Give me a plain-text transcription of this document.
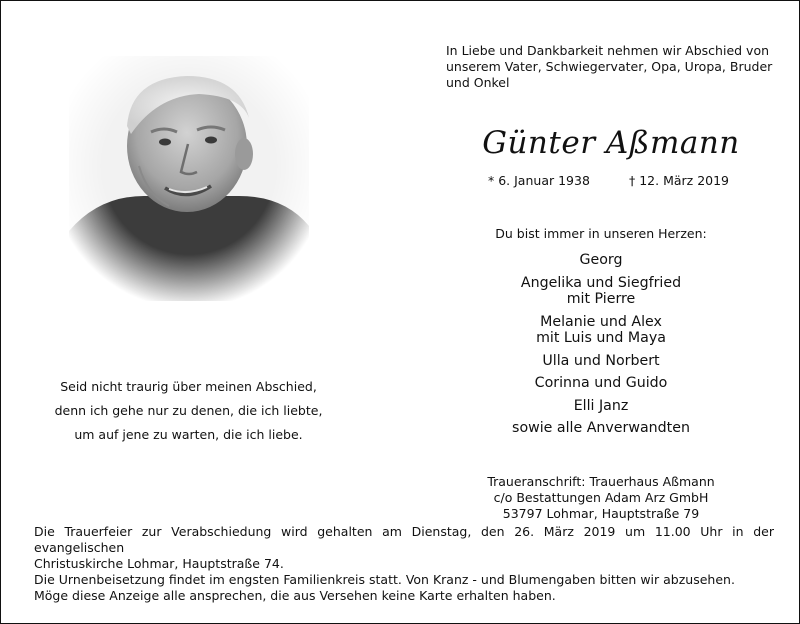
In Liebe und Dankbarkeit nehmen wir Abschied von
unserem Vater, Schwiegervater, Opa, Uropa, Bruder
und Onkel
Günter Aßmann
* 6. Januar 1938	† 12. März 2019
Du bist immer in unseren Herzen:
Georg
Angelika und Siegfried
mit Pierre
Melanie und Alex
mit Luis und Maya
Ulla und Norbert
Corinna und Guido
Elli Janz
sowie alle Anverwandten
Seid nicht traurig über meinen Abschied,
denn ich gehe nur zu denen, die ich liebte,
um auf jene zu warten, die ich liebe.
Traueranschrift: Trauerhaus Aßmann
c/o Bestattungen Adam Arz GmbH
53797 Lohmar, Hauptstraße 79
Die Trauerfeier zur Verabschiedung wird gehalten am Dienstag, den 26. März 2019 um 11.00 Uhr in der evangelischen
Christuskirche Lohmar, Hauptstraße 74.
Die Urnenbeisetzung findet im engsten Familienkreis statt. Von Kranz - und Blumengaben bitten wir abzusehen.
Möge diese Anzeige alle ansprechen, die aus Versehen keine Karte erhalten haben.
